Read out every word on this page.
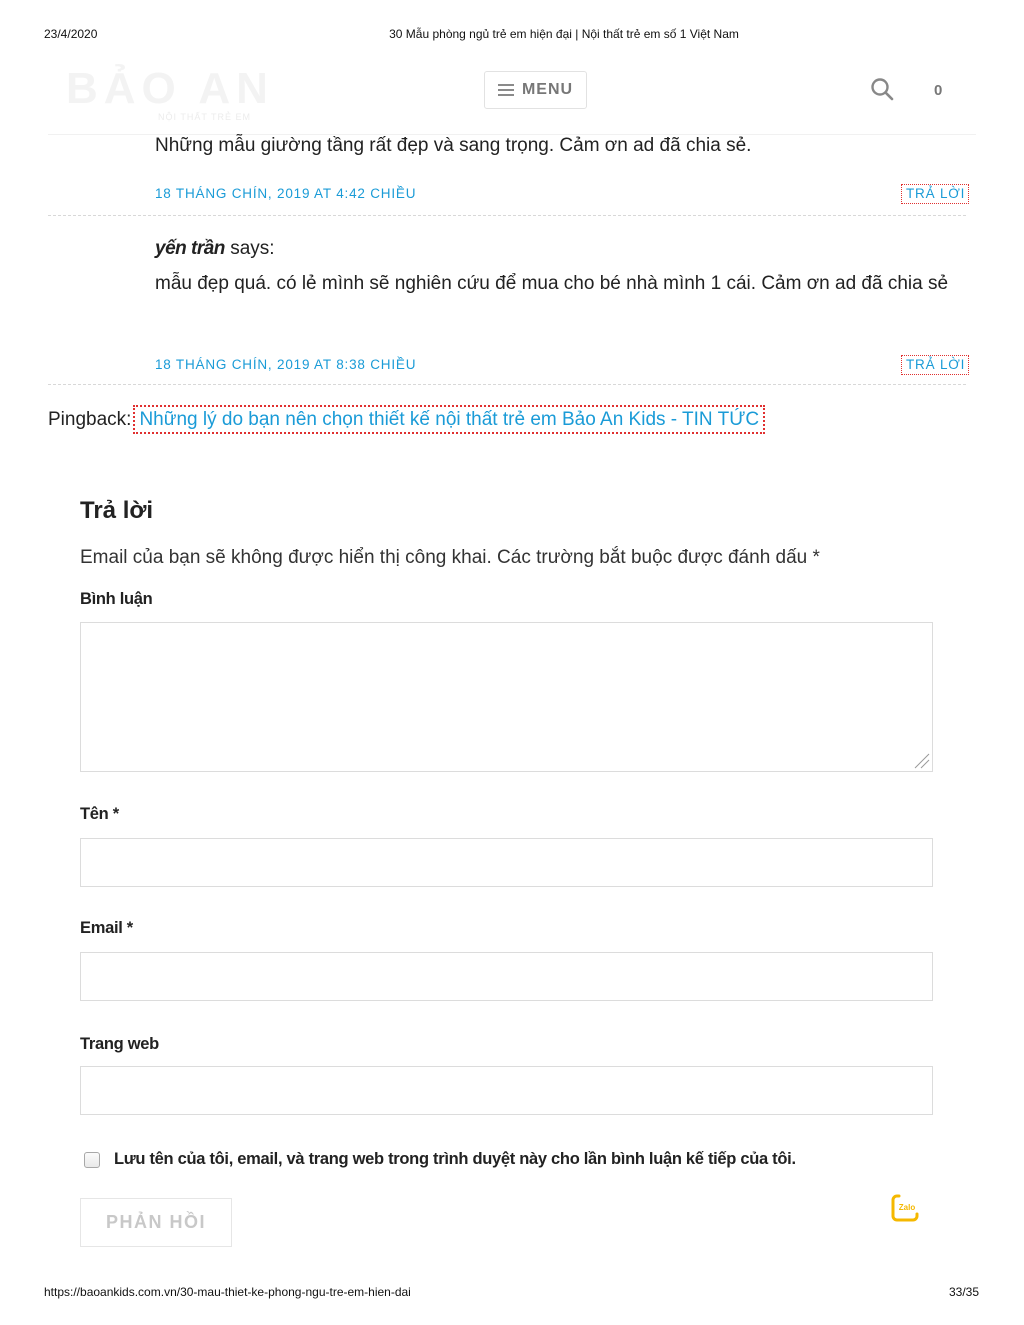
23/4/2020	30 Mẫu phòng ngủ trẻ em hiện đại | Nội thất trẻ em số 1 Việt Nam
BẢO AN
NỘI THẤT TRẺ EM
MENU	0
Những mẫu giường tầng rất đẹp và sang trọng. Cảm ơn ad đã chia sẻ.
18 THÁNG CHÍN, 2019 AT 4:42 CHIỀU	TRẢ LỜI
yến trần says:
mẫu đẹp quá. có lẻ mình sẽ nghiên cứu để mua cho bé nhà mình 1 cái. Cảm ơn ad đã chia sẻ
18 THÁNG CHÍN, 2019 AT 8:38 CHIỀU	TRẢ LỜI
Pingback: Những lý do bạn nên chọn thiết kế nội thất trẻ em Bảo An Kids - TIN TỨC
Trả lời
Email của bạn sẽ không được hiển thị công khai. Các trường bắt buộc được đánh dấu *
Bình luận
Tên *
Email *
Trang web
Lưu tên của tôi, email, và trang web trong trình duyệt này cho lần bình luận kế tiếp của tôi.
PHẢN HỒI
Zalo
https://baoankids.com.vn/30-mau-thiet-ke-phong-ngu-tre-em-hien-dai	33/35
